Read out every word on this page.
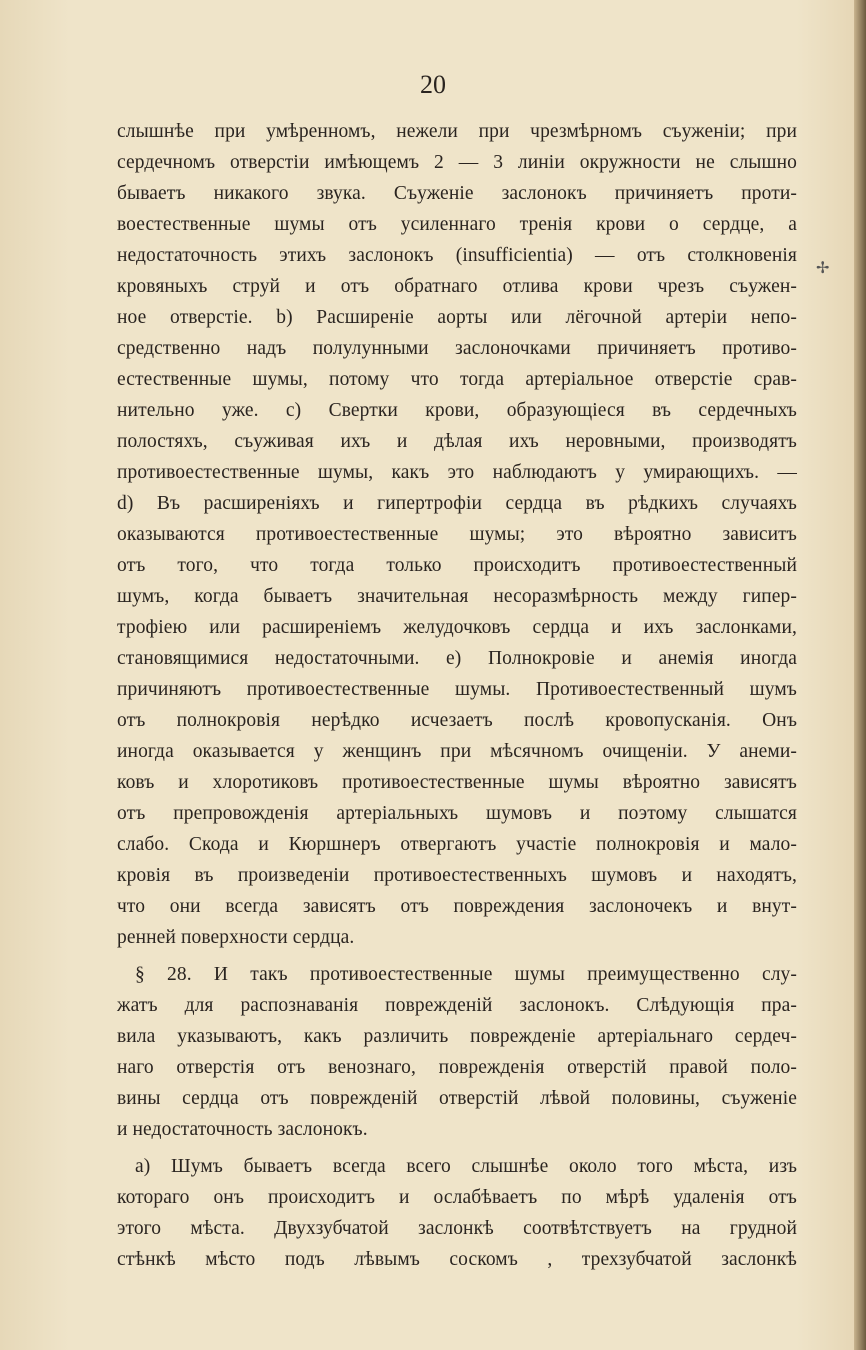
20
✢
слышнѣе при умѣренномъ, нежели при чрезмѣрномъ съуженіи; при
сердечномъ отверстіи имѣющемъ 2 — 3 линіи окружности не слышно
бываетъ никакого звука. Съуженіе заслонокъ причиняетъ проти-
воестественные шумы отъ усиленнаго тренія крови о сердце, а
недостаточность этихъ заслонокъ (insufficientia) — отъ столкновенія
кровяныхъ струй и отъ обратнаго отлива крови чрезъ съужен-
ное отверстіе. b) Расширеніе аорты или лёгочной артеріи непо-
средственно надъ полулунными заслоночками причиняетъ противо-
естественные шумы, потому что тогда артеріальное отверстіе срав-
нительно уже. c) Свертки крови, образующіеся въ сердечныхъ
полостяхъ, съуживая ихъ и дѣлая ихъ неровными, производятъ
противоестественные шумы, какъ это наблюдаютъ у умирающихъ. —
d) Въ расширеніяхъ и гипертрофіи сердца въ рѣдкихъ случаяхъ
оказываются противоестественные шумы; это вѣроятно зависитъ
отъ того, что тогда только происходитъ противоестественный
шумъ, когда бываетъ значительная несоразмѣрность между гипер-
трофіею или расширеніемъ желудочковъ сердца и ихъ заслонками,
становящимися недостаточными. e) Полнокровіе и анемія иногда
причиняютъ противоестественные шумы. Противоестественный шумъ
отъ полнокровія нерѣдко исчезаетъ послѣ кровопусканія. Онъ
иногда оказывается у женщинъ при мѣсячномъ очищеніи. У анеми-
ковъ и хлоротиковъ противоестественные шумы вѣроятно зависятъ
отъ препровожденія артеріальныхъ шумовъ и поэтому слышатся
слабо. Скода и Кюршнеръ отвергаютъ участіе полнокровія и мало-
кровія въ произведеніи противоестественныхъ шумовъ и находятъ,
что они всегда зависятъ отъ повреждения заслоночекъ и внут-
ренней поверхности сердца.
§ 28. И такъ противоестественные шумы преимущественно слу-
жатъ для распознаванія поврежденій заслонокъ. Слѣдующія пра-
вила указываютъ, какъ различить поврежденіе артеріальнаго сердеч-
наго отверстія отъ венознаго, поврежденія отверстій правой поло-
вины сердца отъ поврежденій отверстій лѣвой половины, съуженіе
и недостаточность заслонокъ.
а) Шумъ бываетъ всегда всего слышнѣе около того мѣста, изъ
котораго онъ происходитъ и ослабѣваетъ по мѣрѣ удаленія отъ
этого мѣста. Двухзубчатой заслонкѣ соотвѣтствуетъ на грудной
стѣнкѣ мѣсто подъ лѣвымъ соскомъ , трехзубчатой заслонкѣ
